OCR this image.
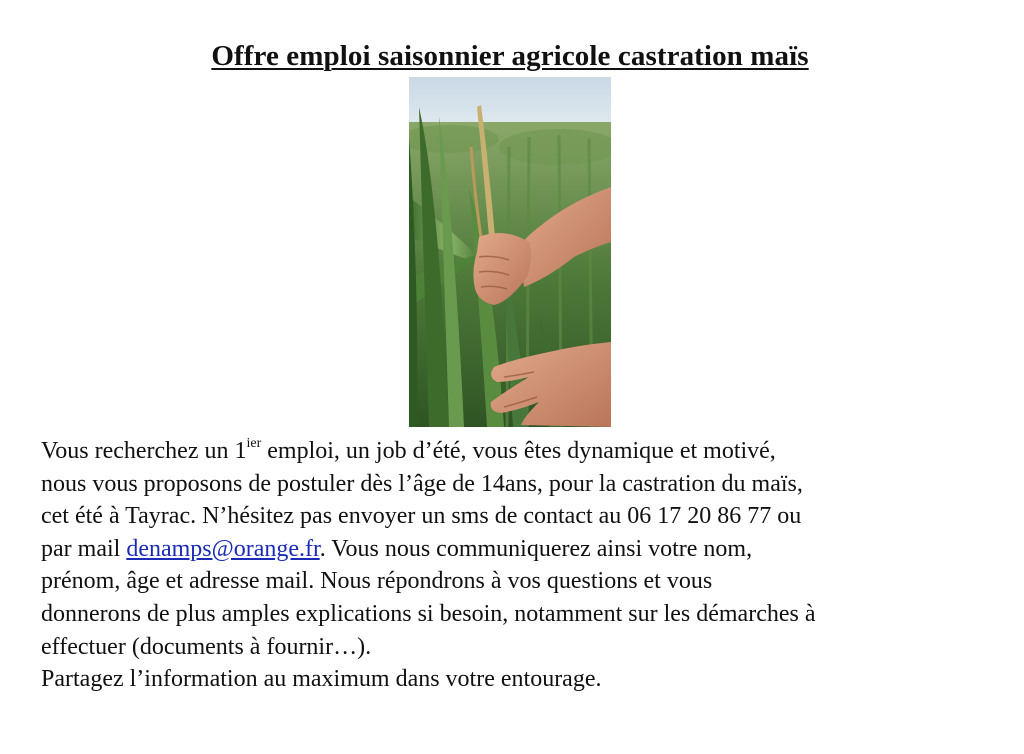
Offre emploi saisonnier agricole castration maïs
Vous recherchez un $1^{ier}$ emploi, un job d’été, vous êtes dynamique et motivé,
nous vous proposons de postuler dès l’âge de 14ans, pour la castration du maïs,
cet été à Tayrac. N’hésitez pas envoyer un sms de contact au 06 17 20 86 77 ou
par mail denamps@orange.fr. Vous nous communiquerez ainsi votre nom,
prénom, âge et adresse mail. Nous répondrons à vos questions et vous
donnerons de plus amples explications si besoin, notamment sur les démarches à
effectuer (documents à fournir…).
Partagez l’information au maximum dans votre entourage.
